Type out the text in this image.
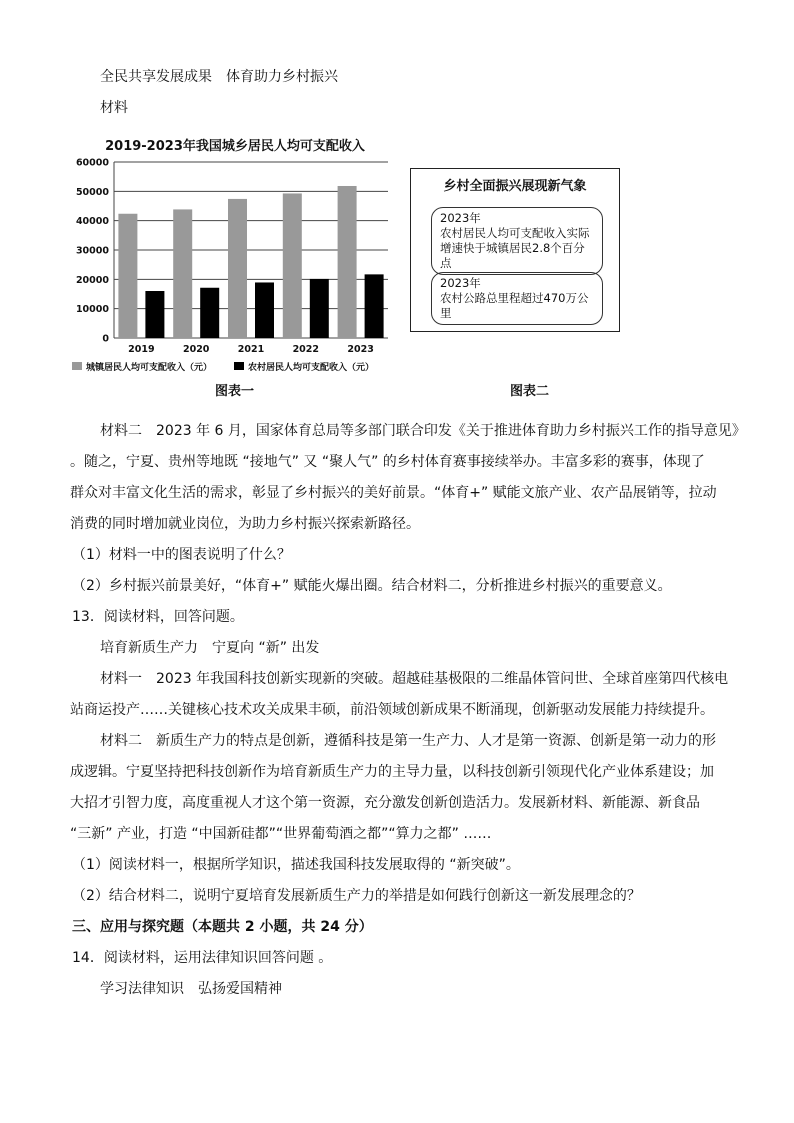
全民共享发展成果　体育助力乡村振兴
材料
2019-2023年我国城乡居民人均可支配收入
0
10000
20000
30000
40000
50000
60000
2019	2020	2021	2022	2023
城镇居民人均可支配收入（元）	农村居民人均可支配收入（元）
乡村全面振兴展现新气象
2023年
农村居民人均可支配收入实际
增速快于城镇居民2.8个百分点
2023年
农村公路总里程超过470万公
里
图表一	图表二
材料二　2023 年 6 月，国家体育总局等多部门联合印发《关于推进体育助力乡村振兴工作的指导意见》
。随之，宁夏、贵州等地既 “接地气” 又 “聚人气” 的乡村体育赛事接续举办。丰富多彩的赛事，体现了
群众对丰富文化生活的需求，彰显了乡村振兴的美好前景。“体育+” 赋能文旅产业、农产品展销等，拉动
消费的同时增加就业岗位，为助力乡村振兴探索新路径。
（1）材料一中的图表说明了什么？
（2）乡村振兴前景美好，“体育+” 赋能火爆出圈。结合材料二，分析推进乡村振兴的重要意义。
13．阅读材料，回答问题。
培育新质生产力　宁夏向 “新” 出发
材料一　2023 年我国科技创新实现新的突破。超越硅基极限的二维晶体管问世、全球首座第四代核电
站商运投产……关键核心技术攻关成果丰硕，前沿领域创新成果不断涌现，创新驱动发展能力持续提升。
材料二　新质生产力的特点是创新，遵循科技是第一生产力、人才是第一资源、创新是第一动力的形
成逻辑。宁夏坚持把科技创新作为培育新质生产力的主导力量，以科技创新引领现代化产业体系建设；加
大招才引智力度，高度重视人才这个第一资源，充分激发创新创造活力。发展新材料、新能源、新食品
“三新” 产业，打造 “中国新硅都”“世界葡萄酒之都”“算力之都” ……
（1）阅读材料一，根据所学知识，描述我国科技发展取得的 “新突破”。
（2）结合材料二，说明宁夏培育发展新质生产力的举措是如何践行创新这一新发展理念的？
三、应用与探究题（本题共 2 小题，共 24 分）
14．阅读材料，运用法律知识回答问题 。
学习法律知识　弘扬爱国精神
